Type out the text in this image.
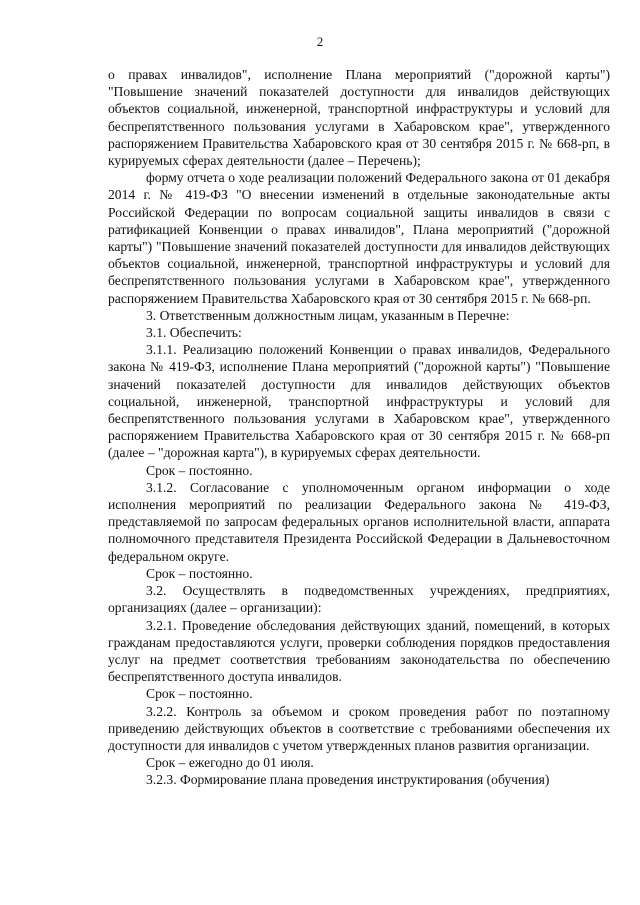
2

о правах инвалидов", исполнение Плана мероприятий ("дорожной карты") "Повышение значений показателей доступности для инвалидов действующих объектов социальной, инженерной, транспортной инфраструктуры и условий для беспрепятственного пользования услугами в Хабаровском крае", утвержденного распоряжением Правительства Хабаровского края от 30 сентября 2015 г. № 668-рп, в курируемых сферах деятельности (далее – Перечень);

форму отчета о ходе реализации положений Федерального закона от 01 декабря 2014 г. № 419-ФЗ "О внесении изменений в отдельные законодательные акты Российской Федерации по вопросам социальной защиты инвалидов в связи с ратификацией Конвенции о правах инвалидов", Плана мероприятий ("дорожной карты") "Повышение значений показателей доступности для инвалидов действующих объектов социальной, инженерной, транспортной инфраструктуры и условий для беспрепятственного пользования услугами в Хабаровском крае", утвержденного распоряжением Правительства Хабаровского края от 30 сентября 2015 г. № 668-рп.

3. Ответственным должностным лицам, указанным в Перечне:

3.1. Обеспечить:

3.1.1. Реализацию положений Конвенции о правах инвалидов, Федерального закона № 419-ФЗ, исполнение Плана мероприятий ("дорожной карты") "Повышение значений показателей доступности для инвалидов действующих объектов социальной, инженерной, транспортной инфраструктуры и условий для беспрепятственного пользования услугами в Хабаровском крае", утвержденного распоряжением Правительства Хабаровского края от 30 сентября 2015 г. № 668-рп (далее – "дорожная карта"), в курируемых сферах деятельности.

Срок – постоянно.

3.1.2. Согласование с уполномоченным органом информации о ходе исполнения мероприятий по реализации Федерального закона № 419-ФЗ, представляемой по запросам федеральных органов исполнительной власти, аппарата полномочного представителя Президента Российской Федерации в Дальневосточном федеральном округе.

Срок – постоянно.

3.2. Осуществлять в подведомственных учреждениях, предприятиях, организациях (далее – организации):

3.2.1. Проведение обследования действующих зданий, помещений, в которых гражданам предоставляются услуги, проверки соблюдения порядков предоставления услуг на предмет соответствия требованиям законодательства по обеспечению беспрепятственного доступа инвалидов.

Срок – постоянно.

3.2.2. Контроль за объемом и сроком проведения работ по поэтапному приведению действующих объектов в соответствие с требованиями обеспечения их доступности для инвалидов с учетом утвержденных планов развития организации.

Срок – ежегодно до 01 июля.

3.2.3. Формирование плана проведения инструктирования (обучения)
